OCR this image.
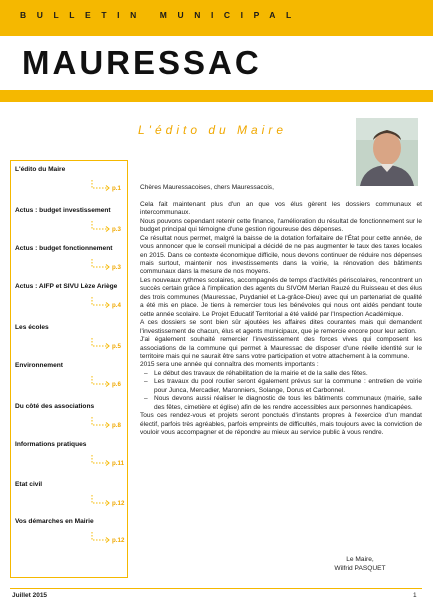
BULLETIN MUNICIPAL
MAURESSAC
L'édito du Maire
L'édito du Maire
p.1
Actus : budget investissement
p.3
Actus : budget fonctionnement
p.3
Actus : AIFP et SIVU Lèze Ariège
p.4
Les écoles
p.5
Environnement
p.6
Du côté des associations
p.8
Informations pratiques
p.11
Etat civil
p.12
Vos démarches en Mairie
p.12

Chères Mauressacoises, chers Mauressacois,

Cela fait maintenant plus d'un an que vos élus gèrent les dossiers communaux et intercommunaux.

Nous pouvons cependant retenir cette finance, l'amélioration du résultat de fonctionnement sur le budget principal qui témoigne d'une gestion rigoureuse des dépenses.

Ce résultat nous permet, malgré la baisse de la dotation forfaitaire de l'État pour cette année, de vous annoncer que le conseil municipal a décidé de ne pas augmenter le taux des taxes locales en 2015. Dans ce contexte économique difficile, nous devons continuer de réduire nos dépenses mais surtout, maintenir nos investissements dans la voirie, la rénovation des bâtiments communaux dans la mesure de nos moyens.

Les nouveaux rythmes scolaires, accompagnés de temps d'activités périscolaires, rencontrent un succès certain grâce à l'implication des agents du SIVOM Merlan Rauzé du Ruisseau et des élus des trois communes (Mauressac, Puydaniel et La-grâce-Dieu) avec qui un partenariat de qualité a été mis en place. Je tiens à remercier tous les bénévoles qui nous ont aidés pendant toute cette année scolaire. Le Projet Educatif Territorial a été validé par l'Inspection Académique.

A ces dossiers se sont bien sûr ajoutées les affaires dites courantes mais qui demandent l'investissement de chacun, élus et agents municipaux, que je remercie encore pour leur action.

J'ai également souhaité remercier l'investissement des forces vives qui composent les associations de la commune qui permet à Mauressac de disposer d'une réelle identité sur le territoire mais qui ne saurait être sans votre participation et votre attachement à la commune.

2015 sera une année qui connaîtra des moments importants :

– Le début des travaux de réhabilitation de la mairie et de la salle des fêtes.
– Les travaux du pool routier seront également prévus sur la commune : entretien de voirie pour Junca, Mercadier, Maronniers, Solange, Dorus et Carbonnel.
– Nous devons aussi réaliser le diagnostic de tous les bâtiments communaux (mairie, salle des fêtes, cimetière et église) afin de les rendre accessibles aux personnes handicapées.

Tous ces rendez-vous et projets seront ponctués d'instants propres à l'exercice d'un mandat électif, parfois très agréables, parfois empreints de difficultés, mais toujours avec la conviction de vouloir vous accompagner et de répondre au mieux au service public à vous rendre.

Le Maire,
Wilfrid PASQUET
Juillet 2015	1
